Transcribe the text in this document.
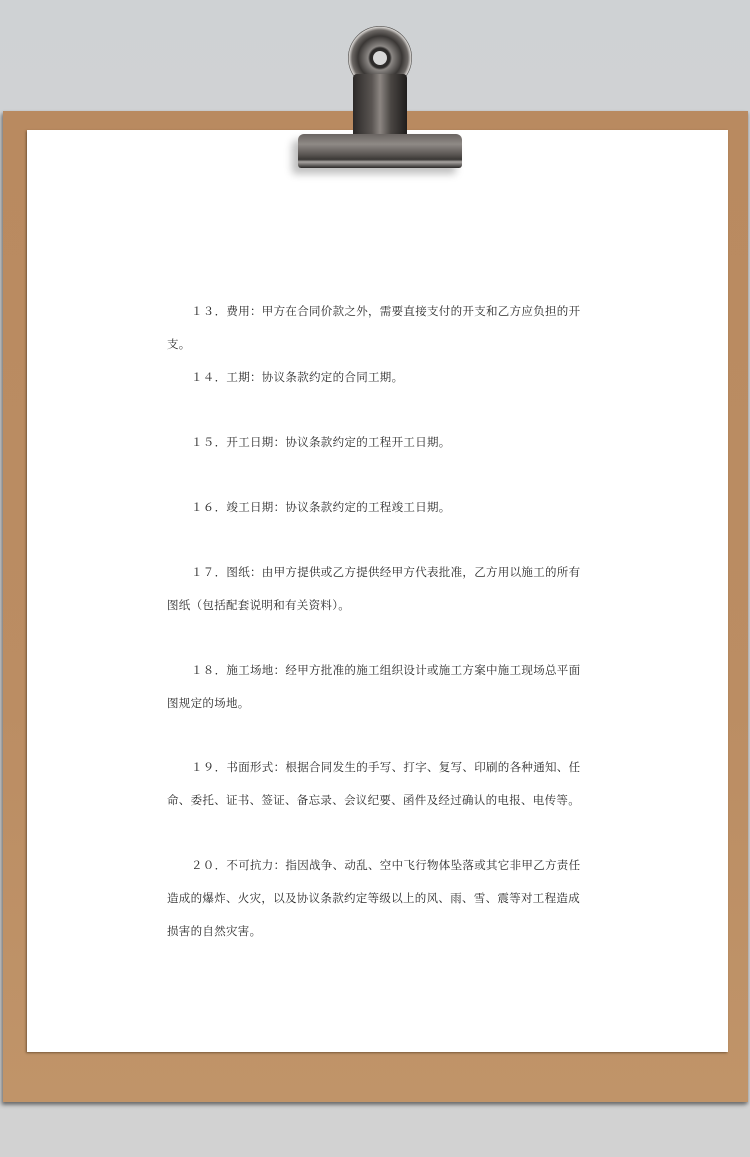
１３．费用：甲方在合同价款之外，需要直接支付的开支和乙方应负担的开支。

１４．工期：协议条款约定的合同工期。

１５．开工日期：协议条款约定的工程开工日期。

１６．竣工日期：协议条款约定的工程竣工日期。

１７．图纸：由甲方提供或乙方提供经甲方代表批准，乙方用以施工的所有图纸（包括配套说明和有关资料）。

１８．施工场地：经甲方批准的施工组织设计或施工方案中施工现场总平面图规定的场地。

１９．书面形式：根据合同发生的手写、打字、复写、印刷的各种通知、任命、委托、证书、签证、备忘录、会议纪要、函件及经过确认的电报、电传等。

２０．不可抗力：指因战争、动乱、空中飞行物体坠落或其它非甲乙方责任造成的爆炸、火灾，以及协议条款约定等级以上的风、雨、雪、震等对工程造成损害的自然灾害。
